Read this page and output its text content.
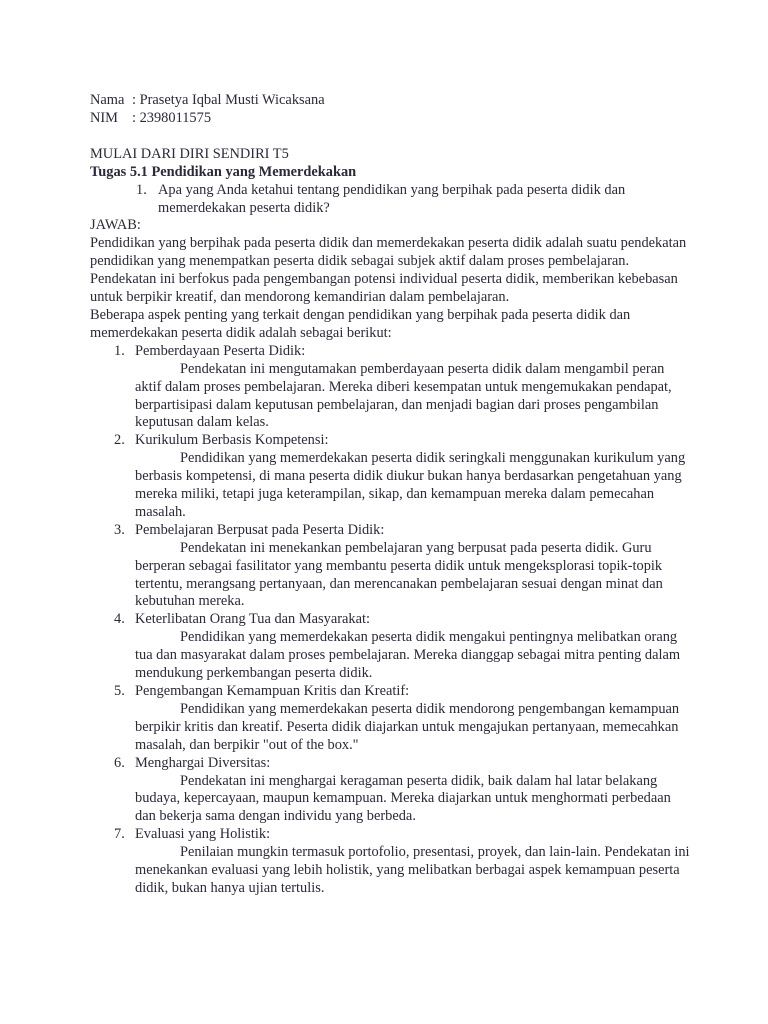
Nama : Prasetya Iqbal Musti Wicaksana
NIM : 2398011575
MULAI DARI DIRI SENDIRI T5
Tugas 5.1 Pendidikan yang Memerdekakan
1. Apa yang Anda ketahui tentang pendidikan yang berpihak pada peserta didik dan memerdekakan peserta didik?
JAWAB:

Pendidikan yang berpihak pada peserta didik dan memerdekakan peserta didik adalah suatu pendekatan pendidikan yang menempatkan peserta didik sebagai subjek aktif dalam proses pembelajaran. Pendekatan ini berfokus pada pengembangan potensi individual peserta didik, memberikan kebebasan untuk berpikir kreatif, dan mendorong kemandirian dalam pembelajaran.

Beberapa aspek penting yang terkait dengan pendidikan yang berpihak pada peserta didik dan memerdekakan peserta didik adalah sebagai berikut:

1. Pemberdayaan Peserta Didik:
Pendekatan ini mengutamakan pemberdayaan peserta didik dalam mengambil peran aktif dalam proses pembelajaran. Mereka diberi kesempatan untuk mengemukakan pendapat, berpartisipasi dalam keputusan pembelajaran, dan menjadi bagian dari proses pengambilan keputusan dalam kelas.
2. Kurikulum Berbasis Kompetensi:
Pendidikan yang memerdekakan peserta didik seringkali menggunakan kurikulum yang berbasis kompetensi, di mana peserta didik diukur bukan hanya berdasarkan pengetahuan yang mereka miliki, tetapi juga keterampilan, sikap, dan kemampuan mereka dalam pemecahan masalah.
3. Pembelajaran Berpusat pada Peserta Didik:
Pendekatan ini menekankan pembelajaran yang berpusat pada peserta didik. Guru berperan sebagai fasilitator yang membantu peserta didik untuk mengeksplorasi topik-topik tertentu, merangsang pertanyaan, dan merencanakan pembelajaran sesuai dengan minat dan kebutuhan mereka.
4. Keterlibatan Orang Tua dan Masyarakat:
Pendidikan yang memerdekakan peserta didik mengakui pentingnya melibatkan orang tua dan masyarakat dalam proses pembelajaran. Mereka dianggap sebagai mitra penting dalam mendukung perkembangan peserta didik.
5. Pengembangan Kemampuan Kritis dan Kreatif:
Pendidikan yang memerdekakan peserta didik mendorong pengembangan kemampuan berpikir kritis dan kreatif. Peserta didik diajarkan untuk mengajukan pertanyaan, memecahkan masalah, dan berpikir "out of the box."
6. Menghargai Diversitas:
Pendekatan ini menghargai keragaman peserta didik, baik dalam hal latar belakang budaya, kepercayaan, maupun kemampuan. Mereka diajarkan untuk menghormati perbedaan dan bekerja sama dengan individu yang berbeda.
7. Evaluasi yang Holistik:
Penilaian mungkin termasuk portofolio, presentasi, proyek, dan lain-lain. Pendekatan ini menekankan evaluasi yang lebih holistik, yang melibatkan berbagai aspek kemampuan peserta didik, bukan hanya ujian tertulis.
